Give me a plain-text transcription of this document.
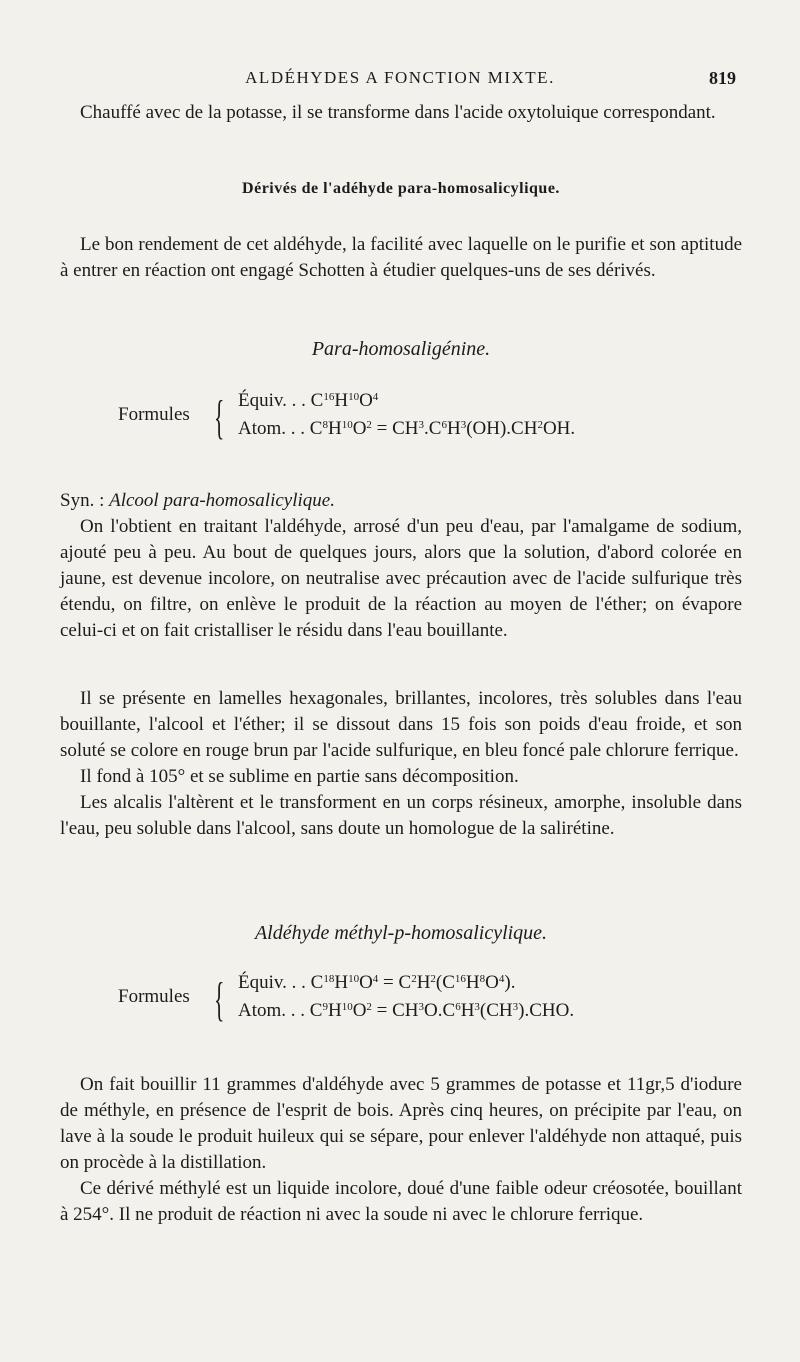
ALDÉHYDES A FONCTION MIXTE.	819
Chauffé avec de la potasse, il se transforme dans l'acide oxytoluique correspondant.
Dérivés de l'adéhyde para-homosalicylique.
Le bon rendement de cet aldéhyde, la facilité avec laquelle on le purifie et son aptitude à entrer en réaction ont engagé Schotten à étudier quelques-uns de ses dérivés.
Para-homosaligénine.
Formules { Équiv. . . $C^{16}H^{10}O^4$
Atom. . . $C^8H^{10}O^2 = CH^3.C^6H^3(OH).CH^2OH$.
Syn. : Alcool para-homosalicylique.
On l'obtient en traitant l'aldéhyde, arrosé d'un peu d'eau, par l'amalgame de sodium, ajouté peu à peu. Au bout de quelques jours, alors que la solution, d'abord colorée en jaune, est devenue incolore, on neutralise avec précaution avec de l'acide sulfurique très étendu, on filtre, on enlève le produit de la réaction au moyen de l'éther; on évapore celui-ci et on fait cristalliser le résidu dans l'eau bouillante.
Il se présente en lamelles hexagonales, brillantes, incolores, très solubles dans l'eau bouillante, l'alcool et l'éther; il se dissout dans 15 fois son poids d'eau froide, et son soluté se colore en rouge brun par l'acide sulfurique, en bleu foncé pale chlorure ferrique.
Il fond à 105° et se sublime en partie sans décomposition.
Les alcalis l'altèrent et le transforment en un corps résineux, amorphe, insoluble dans l'eau, peu soluble dans l'alcool, sans doute un homologue de la salirétine.
Aldéhyde méthyl-p-homosalicylique.
Formules { Équiv. . . $C^{18}H^{10}O^4 = C^2H^2(C^{16}H^8O^4)$.
Atom. . . $C^9H^{10}O^2 = CH^3O.C^6H^3(CH^3).CHO$.
On fait bouillir 11 grammes d'aldéhyde avec 5 grammes de potasse et 11gr,5 d'iodure de méthyle, en présence de l'esprit de bois. Après cinq heures, on précipite par l'eau, on lave à la soude le produit huileux qui se sépare, pour enlever l'aldéhyde non attaqué, puis on procède à la distillation.
Ce dérivé méthylé est un liquide incolore, doué d'une faible odeur créosotée, bouillant à 254°. Il ne produit de réaction ni avec la soude ni avec le chlorure ferrique.
